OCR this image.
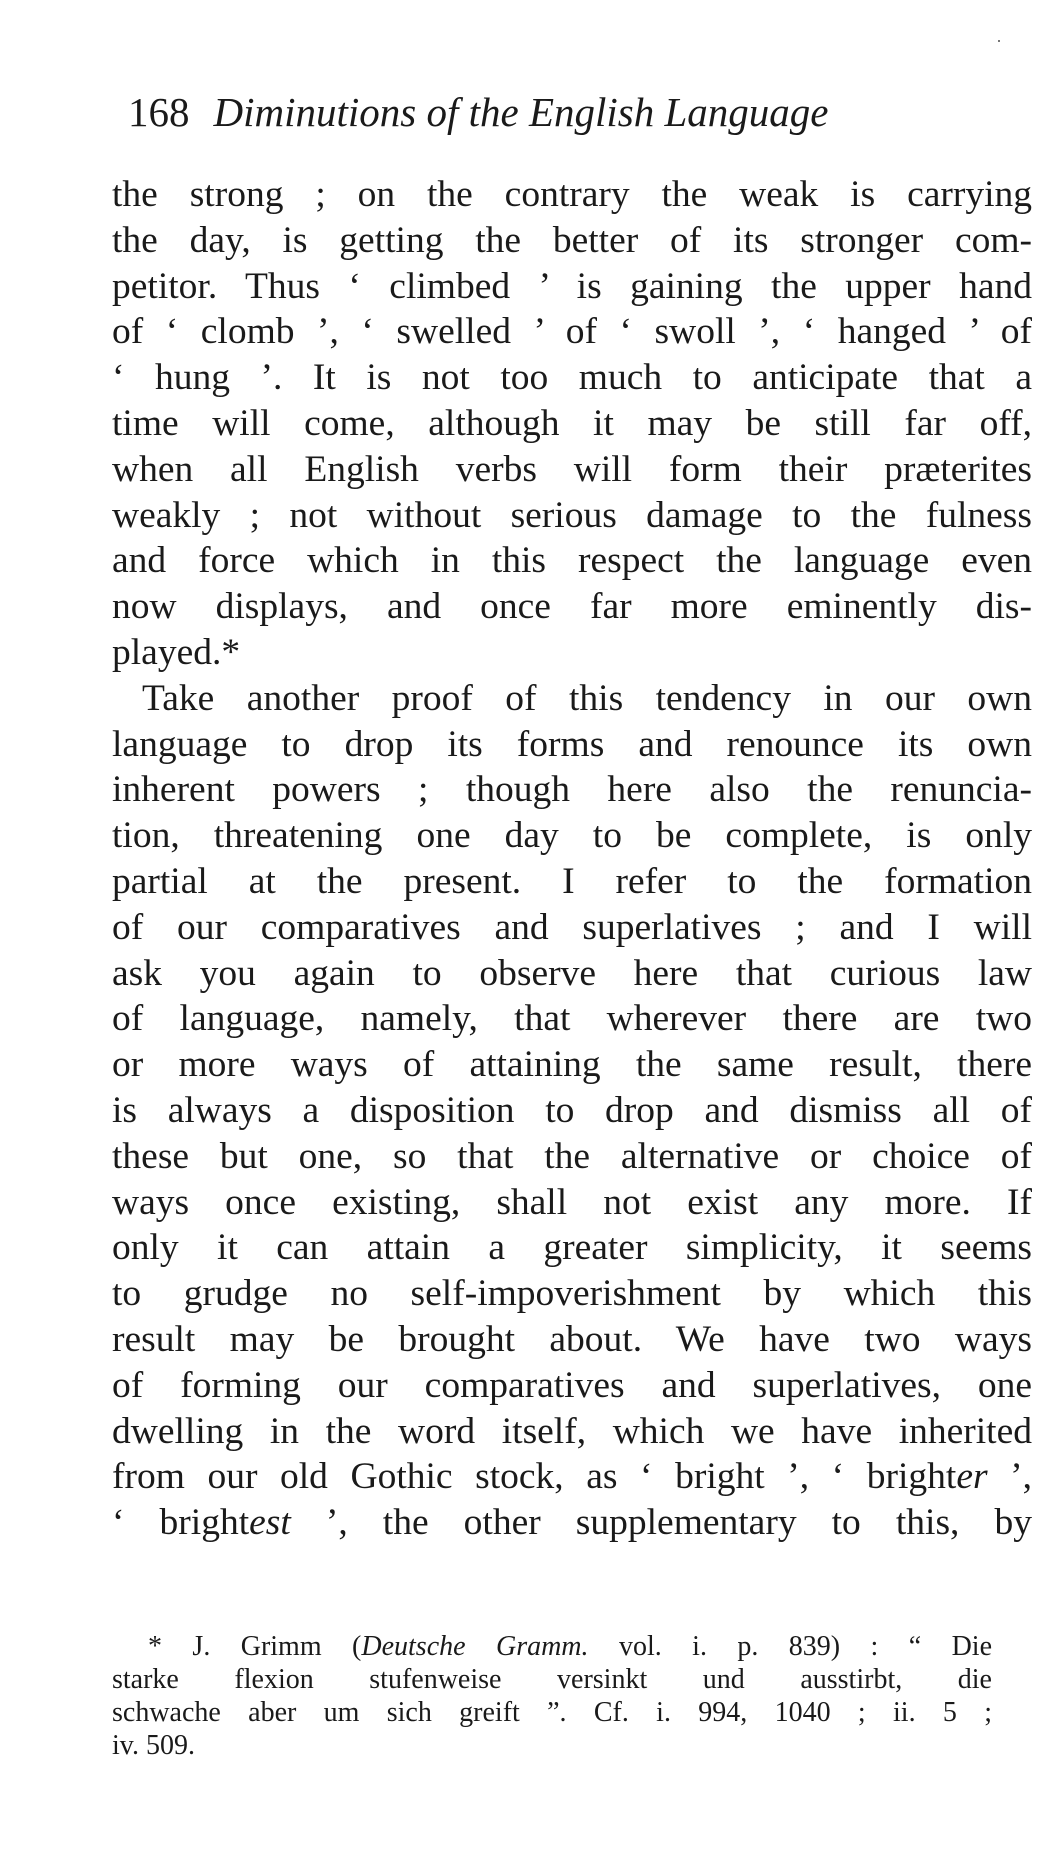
168 Diminutions of the English Language
the strong ; on the contrary the weak is carrying
the day, is getting the better of its stronger com-
petitor. Thus ‘ climbed ’ is gaining the upper hand
of ‘ clomb ’, ‘ swelled ’ of ‘ swoll ’, ‘ hanged ’ of
‘ hung ’. It is not too much to anticipate that a
time will come, although it may be still far off,
when all English verbs will form their præterites
weakly ; not without serious damage to the fulness
and force which in this respect the language even
now displays, and once far more eminently dis-
played.*
Take another proof of this tendency in our own
language to drop its forms and renounce its own
inherent powers ; though here also the renuncia-
tion, threatening one day to be complete, is only
partial at the present. I refer to the formation
of our comparatives and superlatives ; and I will
ask you again to observe here that curious law
of language, namely, that wherever there are two
or more ways of attaining the same result, there
is always a disposition to drop and dismiss all of
these but one, so that the alternative or choice of
ways once existing, shall not exist any more. If
only it can attain a greater simplicity, it seems
to grudge no self-impoverishment by which this
result may be brought about. We have two ways
of forming our comparatives and superlatives, one
dwelling in the word itself, which we have inherited
from our old Gothic stock, as ‘ bright ’, ‘ brighter ’,
‘ brightest ’, the other supplementary to this, by
* J. Grimm (Deutsche Gramm. vol. i. p. 839) : “ Die
starke flexion stufenweise versinkt und ausstirbt, die
schwache aber um sich greift ”. Cf. i. 994, 1040 ; ii. 5 ;
iv. 509.
